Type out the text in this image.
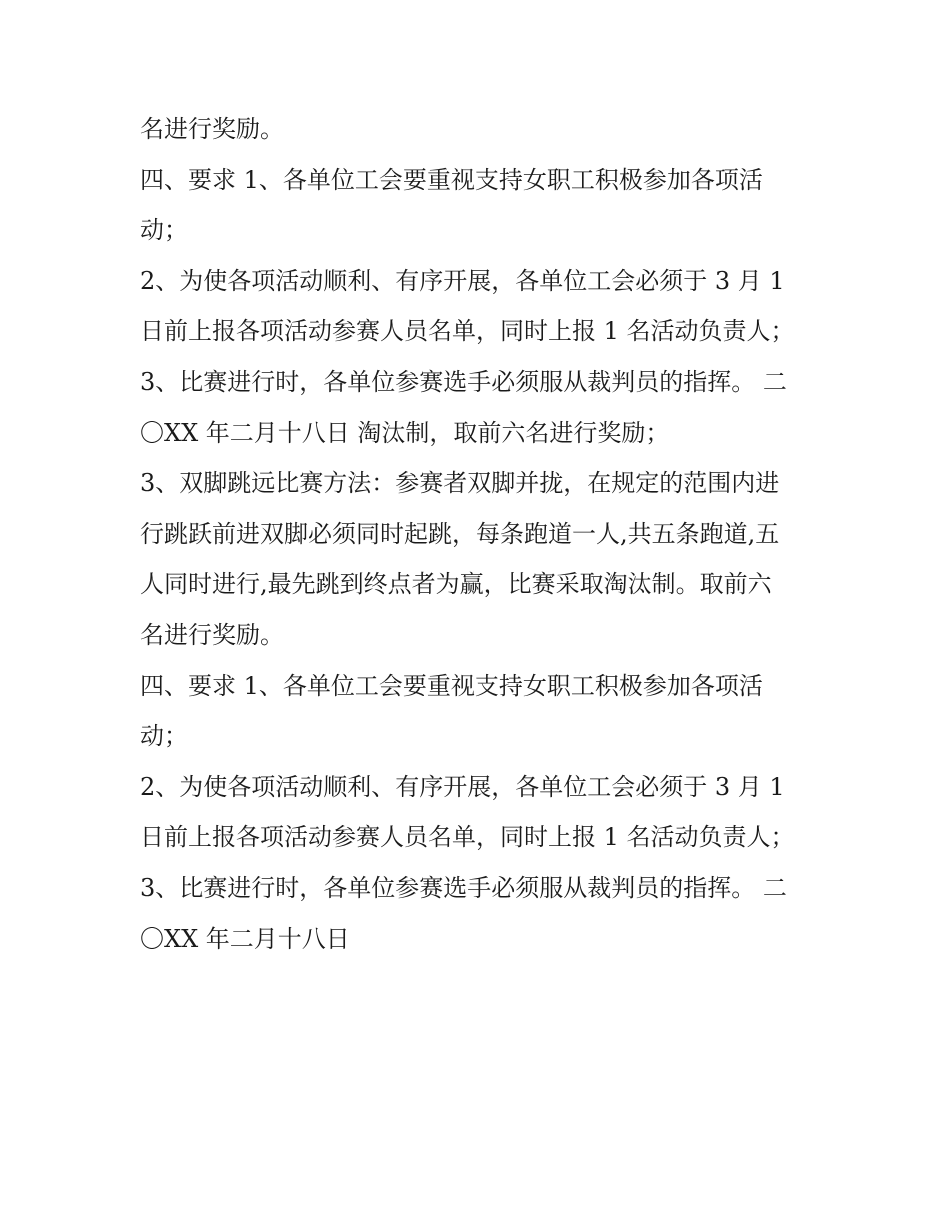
名进行奖励。
四、要求 1、各单位工会要重视支持女职工积极参加各项活
动；
2、为使各项活动顺利、有序开展，各单位工会必须于 3 月 1
日前上报各项活动参赛人员名单，同时上报 1 名活动负责人；
3、比赛进行时，各单位参赛选手必须服从裁判员的指挥。 二
〇XX 年二月十八日 淘汰制，取前六名进行奖励；
3、双脚跳远比赛方法：参赛者双脚并拢，在规定的范围内进
行跳跃前进双脚必须同时起跳，每条跑道一人,共五条跑道,五
人同时进行,最先跳到终点者为赢，比赛采取淘汰制。取前六
名进行奖励。
四、要求 1、各单位工会要重视支持女职工积极参加各项活
动；
2、为使各项活动顺利、有序开展，各单位工会必须于 3 月 1
日前上报各项活动参赛人员名单，同时上报 1 名活动负责人；
3、比赛进行时，各单位参赛选手必须服从裁判员的指挥。 二
〇XX 年二月十八日
